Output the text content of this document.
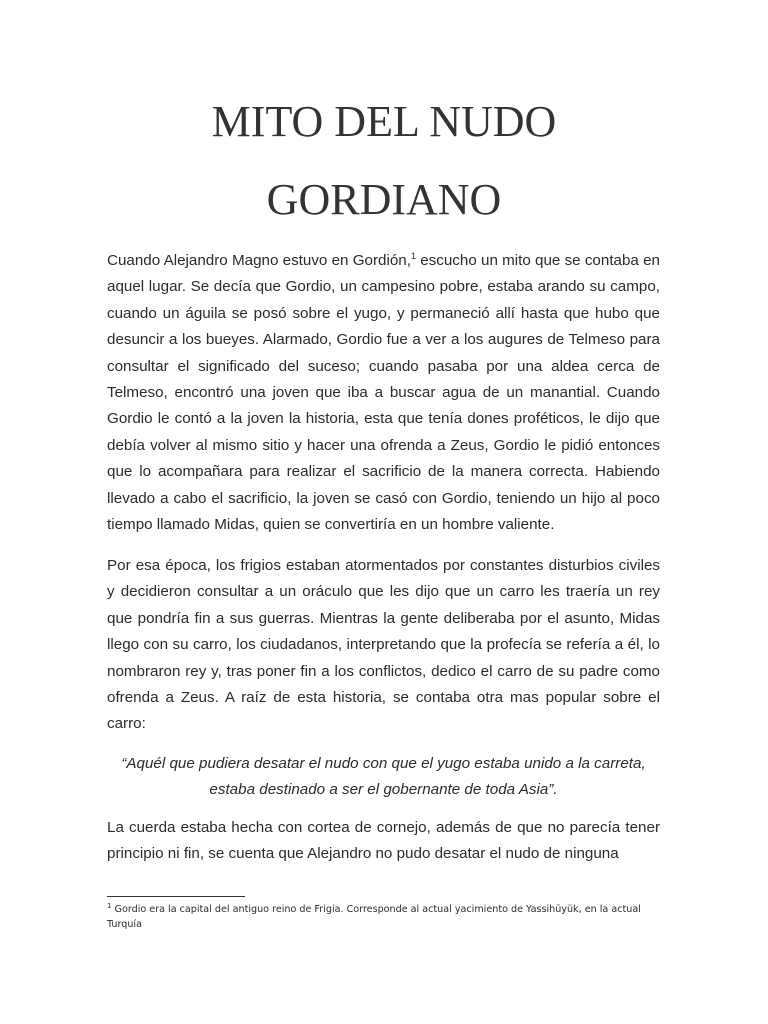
MITO DEL NUDO
GORDIANO

Cuando Alejandro Magno estuvo en Gordión,$^1$ escucho un mito que se contaba en aquel lugar. Se decía que Gordio, un campesino pobre, estaba arando su campo, cuando un águila se posó sobre el yugo, y permaneció allí hasta que hubo que desuncir a los bueyes. Alarmado, Gordio fue a ver a los augures de Telmeso para consultar el significado del suceso; cuando pasaba por una aldea cerca de Telmeso, encontró una joven que iba a buscar agua de un manantial. Cuando Gordio le contó a la joven la historia, esta que tenía dones proféticos, le dijo que debía volver al mismo sitio y hacer una ofrenda a Zeus, Gordio le pidió entonces que lo acompañara para realizar el sacrificio de la manera correcta. Habiendo llevado a cabo el sacrificio, la joven se casó con Gordio, teniendo un hijo al poco tiempo llamado Midas, quien se convertiría en un hombre valiente.

Por esa época, los frigios estaban atormentados por constantes disturbios civiles y decidieron consultar a un oráculo que les dijo que un carro les traería un rey que pondría fin a sus guerras. Mientras la gente deliberaba por el asunto, Midas llego con su carro, los ciudadanos, interpretando que la profecía se refería a él, lo nombraron rey y, tras poner fin a los conflictos, dedico el carro de su padre como ofrenda a Zeus. A raíz de esta historia, se contaba otra mas popular sobre el carro:

“Aquél que pudiera desatar el nudo con que el yugo estaba unido a la carreta,
estaba destinado a ser el gobernante de toda Asia”.

La cuerda estaba hecha con cortea de cornejo, además de que no parecía tener principio ni fin, se cuenta que Alejandro no pudo desatar el nudo de ninguna

$^1$ Gordio era la capital del antiguo reino de Frigia. Corresponde al actual yacimiento de Yassihüyük, en la actual Turquía
